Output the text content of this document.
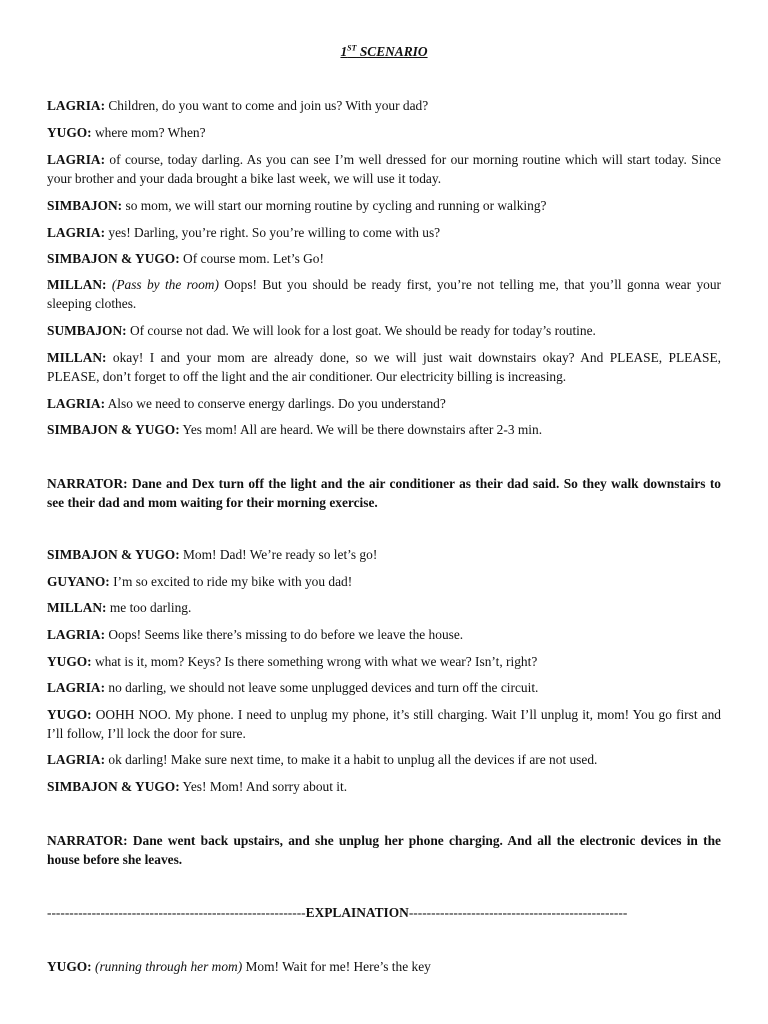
1ST SCENARIO
LAGRIA: Children, do you want to come and join us? With your dad?
YUGO: where mom? When?
LAGRIA: of course, today darling. As you can see I’m well dressed for our morning routine which will start today. Since your brother and your dada brought a bike last week, we will use it today.
SIMBAJON: so mom, we will start our morning routine by cycling and running or walking?
LAGRIA: yes! Darling, you’re right. So you’re willing to come with us?
SIMBAJON & YUGO: Of course mom. Let’s Go!
MILLAN: (Pass by the room) Oops! But you should be ready first, you’re not telling me, that you’ll gonna wear your sleeping clothes.
SUMBAJON: Of course not dad. We will look for a lost goat. We should be ready for today’s routine.
MILLAN: okay! I and your mom are already done, so we will just wait downstairs okay? And PLEASE, PLEASE, PLEASE, don’t forget to off the light and the air conditioner. Our electricity billing is increasing.
LAGRIA: Also we need to conserve energy darlings. Do you understand?
SIMBAJON & YUGO: Yes mom! All are heard. We will be there downstairs after 2-3 min.
NARRATOR: Dane and Dex turn off the light and the air conditioner as their dad said. So they walk downstairs to see their dad and mom waiting for their morning exercise.
SIMBAJON & YUGO: Mom! Dad! We’re ready so let’s go!
GUYANO: I’m so excited to ride my bike with you dad!
MILLAN: me too darling.
LAGRIA: Oops! Seems like there’s missing to do before we leave the house.
YUGO: what is it, mom? Keys? Is there something wrong with what we wear? Isn’t, right?
LAGRIA: no darling, we should not leave some unplugged devices and turn off the circuit.
YUGO: OOHH NOO. My phone. I need to unplug my phone, it’s still charging. Wait I’ll unplug it, mom! You go first and I’ll follow, I’ll lock the door for sure.
LAGRIA: ok darling! Make sure next time, to make it a habit to unplug all the devices if are not used.
SIMBAJON & YUGO: Yes! Mom! And sorry about it.
NARRATOR: Dane went back upstairs, and she unplug her phone charging. And all the electronic devices in the house before she leaves.
----------------------------------------------------------EXPLAINATION-------------------------------------------------
YUGO: (running through her mom) Mom! Wait for me! Here’s the key
